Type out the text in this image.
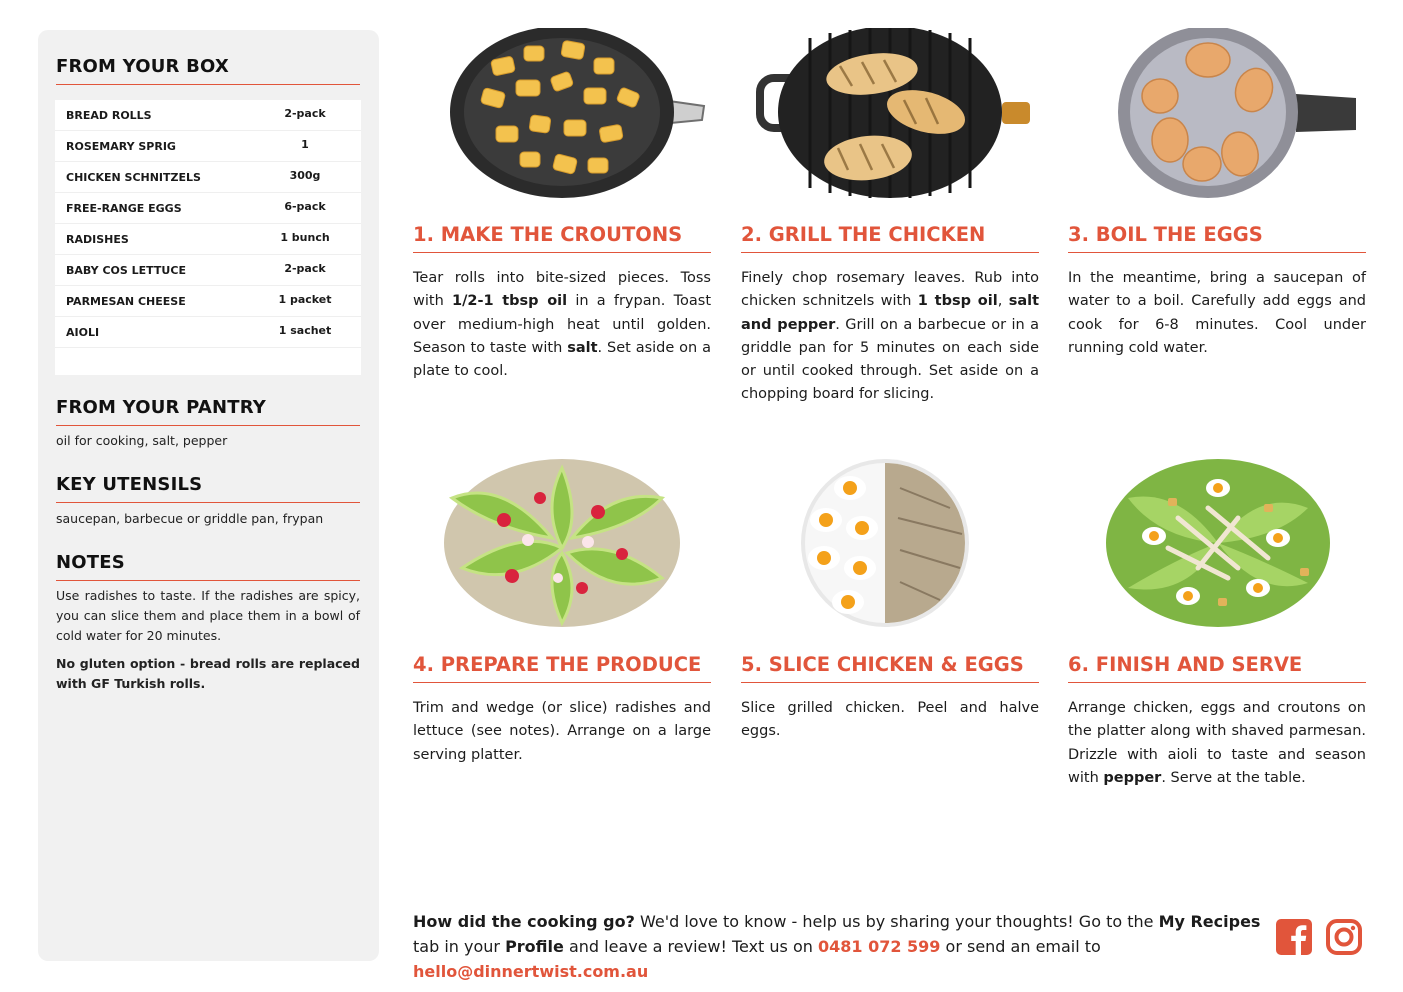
FROM YOUR BOX
BREAD ROLLS	2-pack
ROSEMARY SPRIG	1
CHICKEN SCHNITZELS	300g
FREE-RANGE EGGS	6-pack
RADISHES	1 bunch
BABY COS LETTUCE	2-pack
PARMESAN CHEESE	1 packet
AIOLI	1 sachet
FROM YOUR PANTRY
oil for cooking, salt, pepper
KEY UTENSILS
saucepan, barbecue or griddle pan, frypan
NOTES
Use radishes to taste. If the radishes are spicy, you can slice them and place them in a bowl of cold water for 20 minutes.
No gluten option - bread rolls are replaced with GF Turkish rolls.
1. MAKE THE CROUTONS
Tear rolls into bite-sized pieces. Toss with 1/2-1 tbsp oil in a frypan. Toast over medium-high heat until golden. Season to taste with salt. Set aside on a plate to cool.
2. GRILL THE CHICKEN
Finely chop rosemary leaves. Rub into chicken schnitzels with 1 tbsp oil, salt and pepper. Grill on a barbecue or in a griddle pan for 5 minutes on each side or until cooked through. Set aside on a chopping board for slicing.
3. BOIL THE EGGS
In the meantime, bring a saucepan of water to a boil. Carefully add eggs and cook for 6-8 minutes. Cool under running cold water.
4. PREPARE THE PRODUCE
Trim and wedge (or slice) radishes and lettuce (see notes). Arrange on a large serving platter.
5. SLICE CHICKEN & EGGS
Slice grilled chicken. Peel and halve eggs.
6. FINISH AND SERVE
Arrange chicken, eggs and croutons on the platter along with shaved parmesan. Drizzle with aioli to taste and season with pepper. Serve at the table.
How did the cooking go? We'd love to know - help us by sharing your thoughts! Go to the My Recipes tab in your Profile and leave a review! Text us on 0481 072 599 or send an email to hello@dinnertwist.com.au
